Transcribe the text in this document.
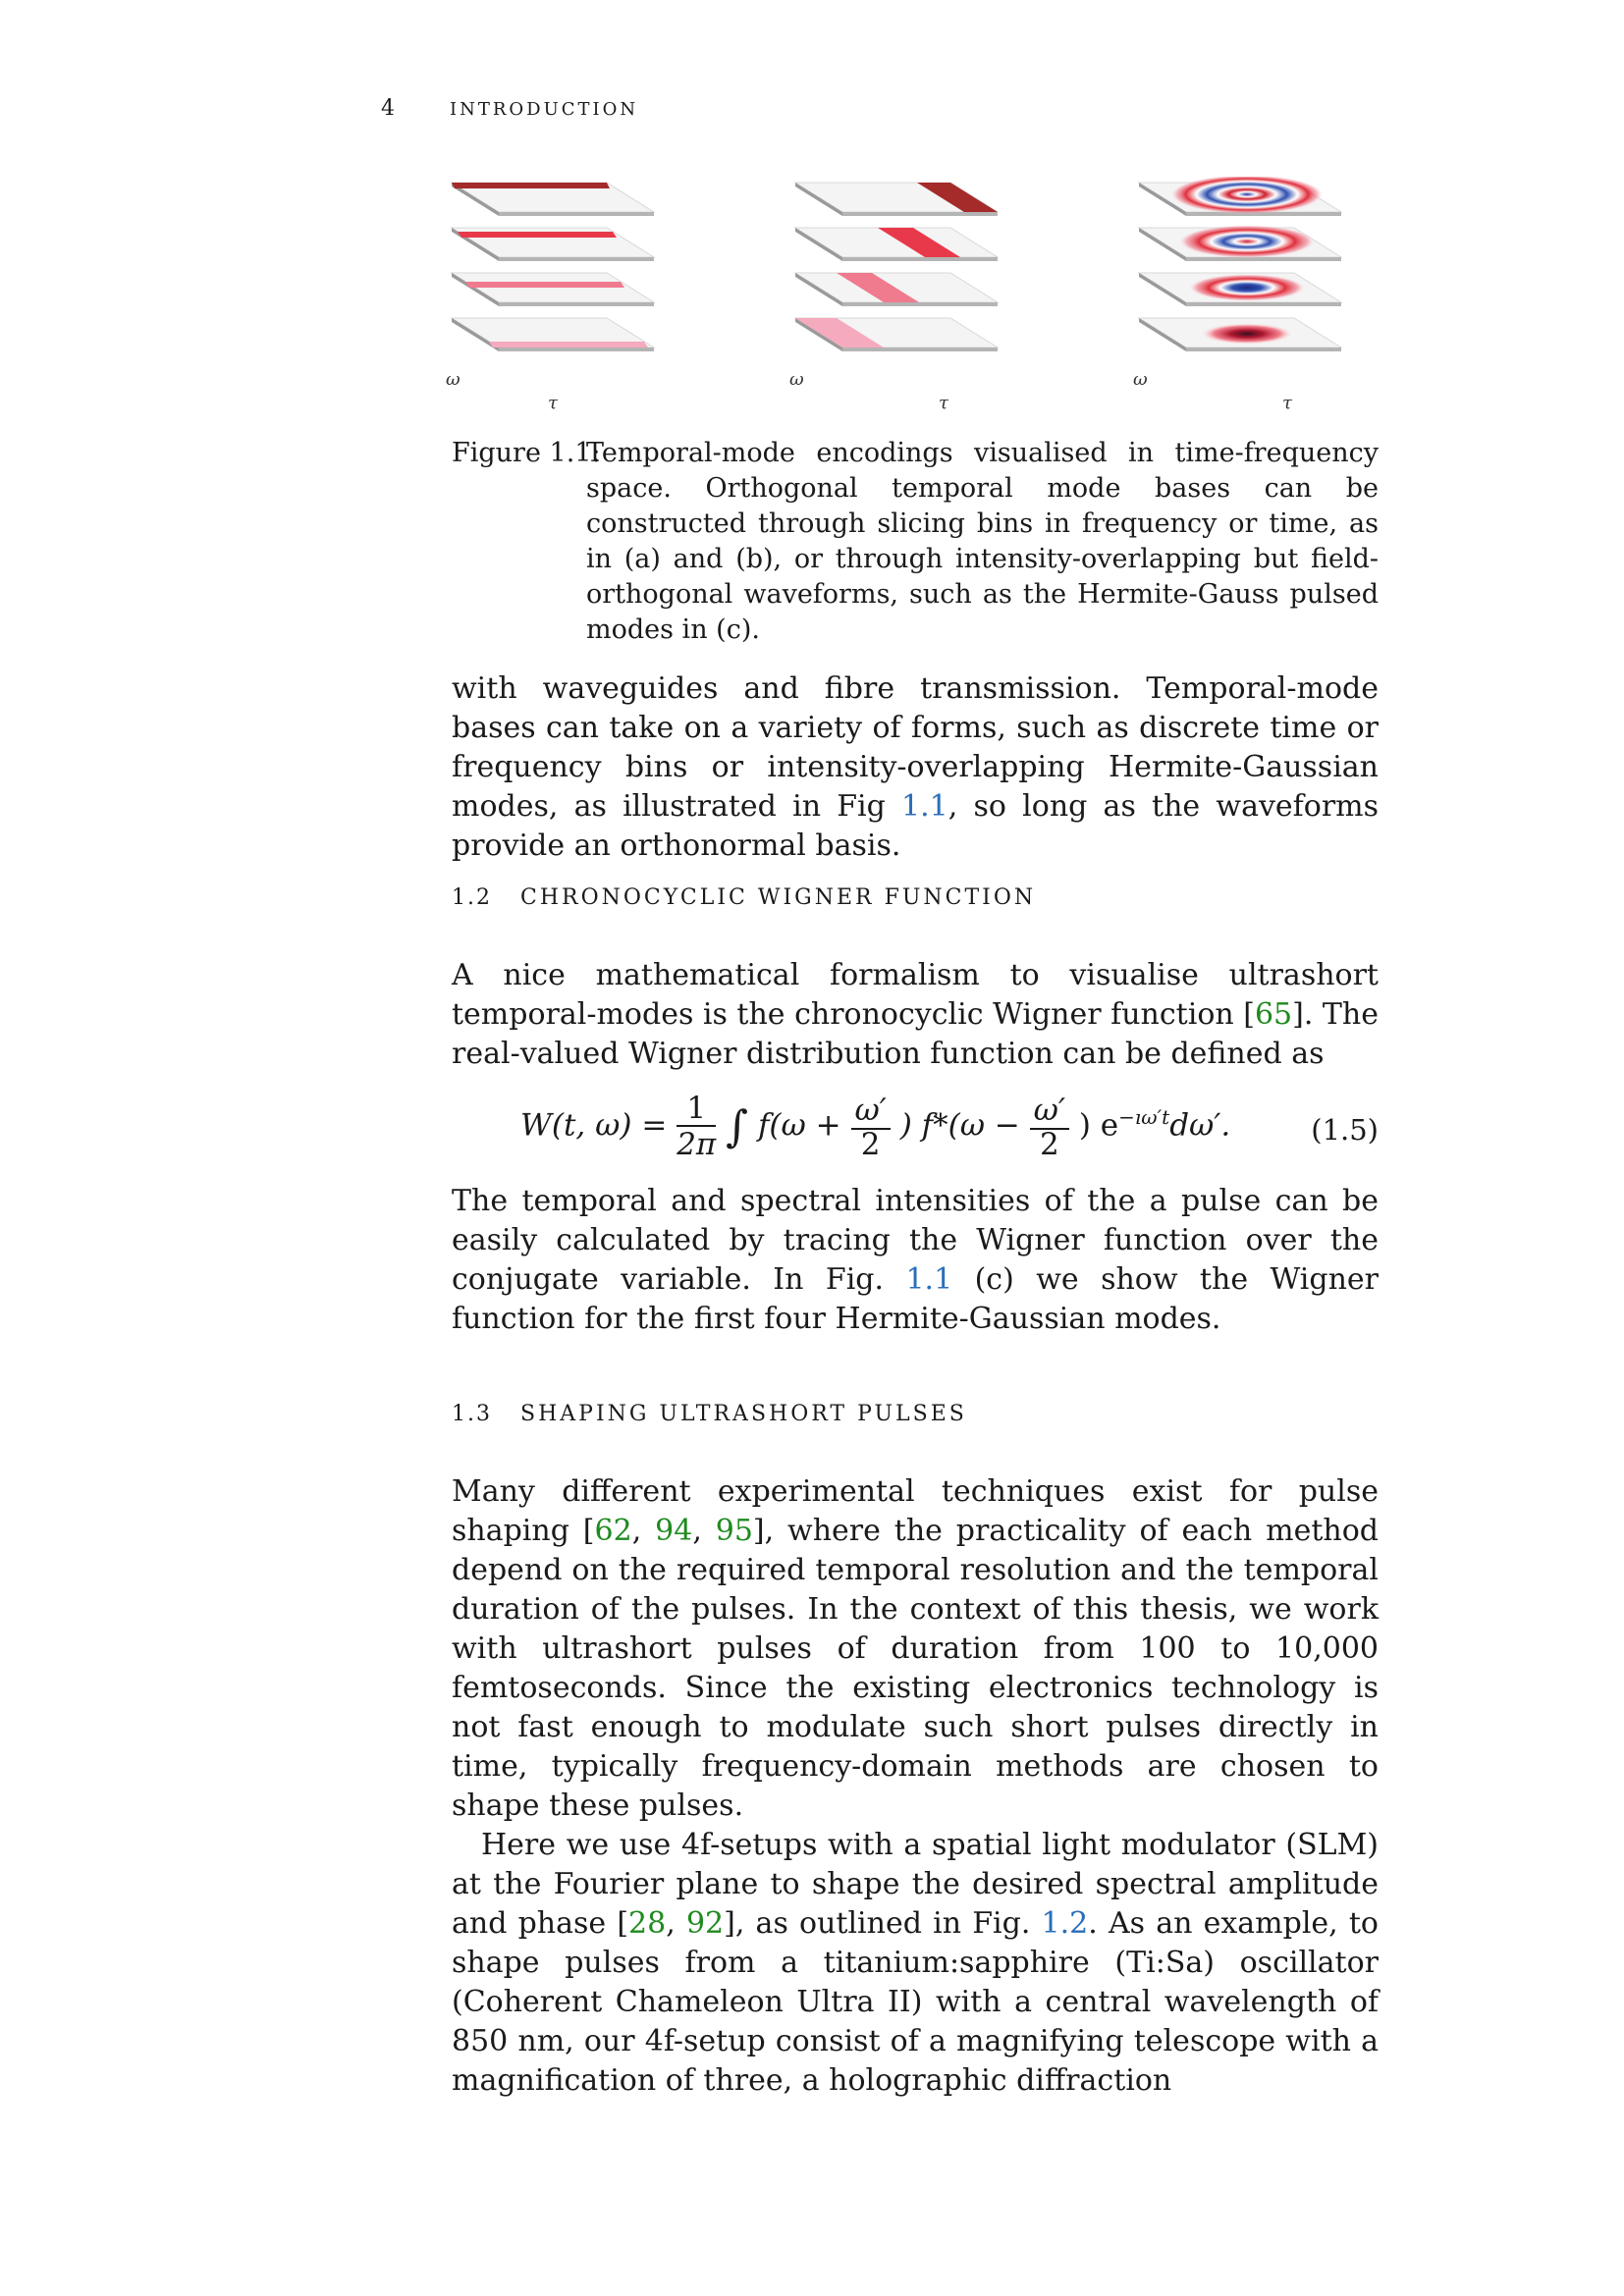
4	INTRODUCTION
ω
τ
ω
τ
ω
τ
Figure 1.1:
Temporal-mode encodings visualised in time-frequency space. Orthogonal temporal mode bases can be constructed through slicing bins in frequency or time, as in (a) and (b), or through intensity-overlapping but field-orthogonal waveforms, such as the Hermite-Gauss pulsed modes in (c).

with waveguides and fibre transmission. Temporal-mode bases can take on a variety of forms, such as discrete time or frequency bins or intensity-overlapping Hermite-Gaussian modes, as illustrated in Fig 1.1, so long as the waveforms provide an orthonormal basis.

1.2 CHRONOCYCLIC WIGNER FUNCTION

A nice mathematical formalism to visualise ultrashort temporal-modes is the chronocyclic Wigner function [65]. The real-valued Wigner distribution function can be defined as

W(t, $\omega) = \frac{1}{2\pi}$ ∫ $f(\omega + \frac{\omega'}{2}$ ) $f*(\omega - \frac{\omega'}{2}$ ) $e^{-ı\omega't}d\omega'$.	(1.5)

The temporal and spectral intensities of the a pulse can be easily calculated by tracing the Wigner function over the conjugate variable. In Fig. 1.1 (c) we show the Wigner function for the first four Hermite-Gaussian modes.

1.3 SHAPING ULTRASHORT PULSES

Many different experimental techniques exist for pulse shaping [62, 94, 95], where the practicality of each method depend on the required temporal resolution and the temporal duration of the pulses. In the context of this thesis, we work with ultrashort pulses of duration from 100 to 10,000 femtoseconds. Since the existing electronics technology is not fast enough to modulate such short pulses directly in time, typically frequency-domain methods are chosen to shape these pulses.

Here we use 4f-setups with a spatial light modulator (SLM) at the Fourier plane to shape the desired spectral amplitude and phase [28, 92], as outlined in Fig. 1.2. As an example, to shape pulses from a titanium:sapphire (Ti:Sa) oscillator (Coherent Chameleon Ultra II) with a central wavelength of 850 nm, our 4f-setup consist of a magnifying telescope with a magnification of three, a holographic diffraction
